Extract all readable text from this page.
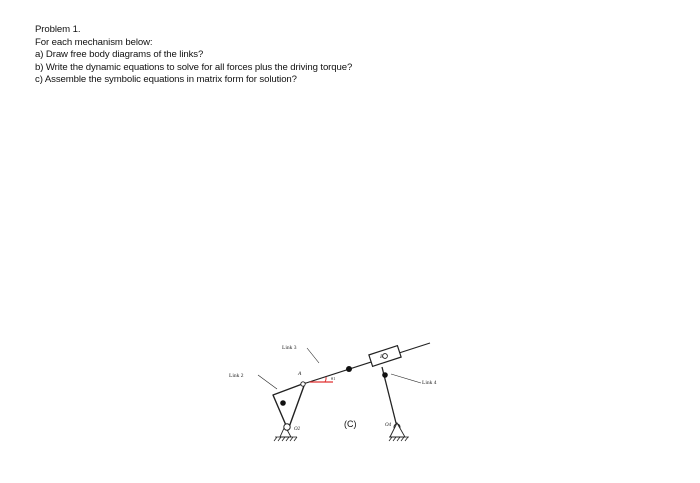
Problem 1.
For each mechanism below:
a) Draw free body diagrams of the links?
b) Write the dynamic equations to solve for all forces plus the driving torque?
c) Assemble the symbolic equations in matrix form for solution?
θ1
B
Link 2
Link 3
Link 4
A
O2
O4
(C)
